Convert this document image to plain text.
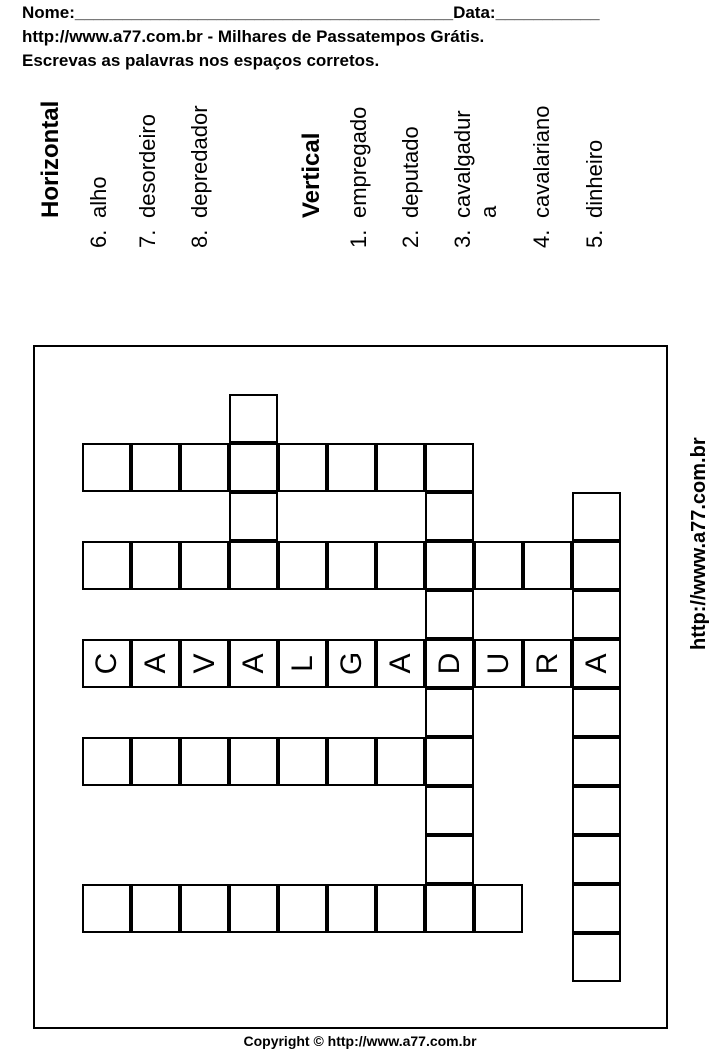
Nome:________________________________________Data:___________
http://www.a77.com.br - Milhares de Passatempos Grátis.
Escrevas as palavras nos espaços corretos.
Horizontal
6.alho
7.desordeiro
8.depredador	Vertical
1.empregado
2.deputado
3.cavalgadur a
4.cavalariano
5.dinheiro
C A V A L G A D U R A
http://www.a77.com.br
Copyright © http://www.a77.com.br
